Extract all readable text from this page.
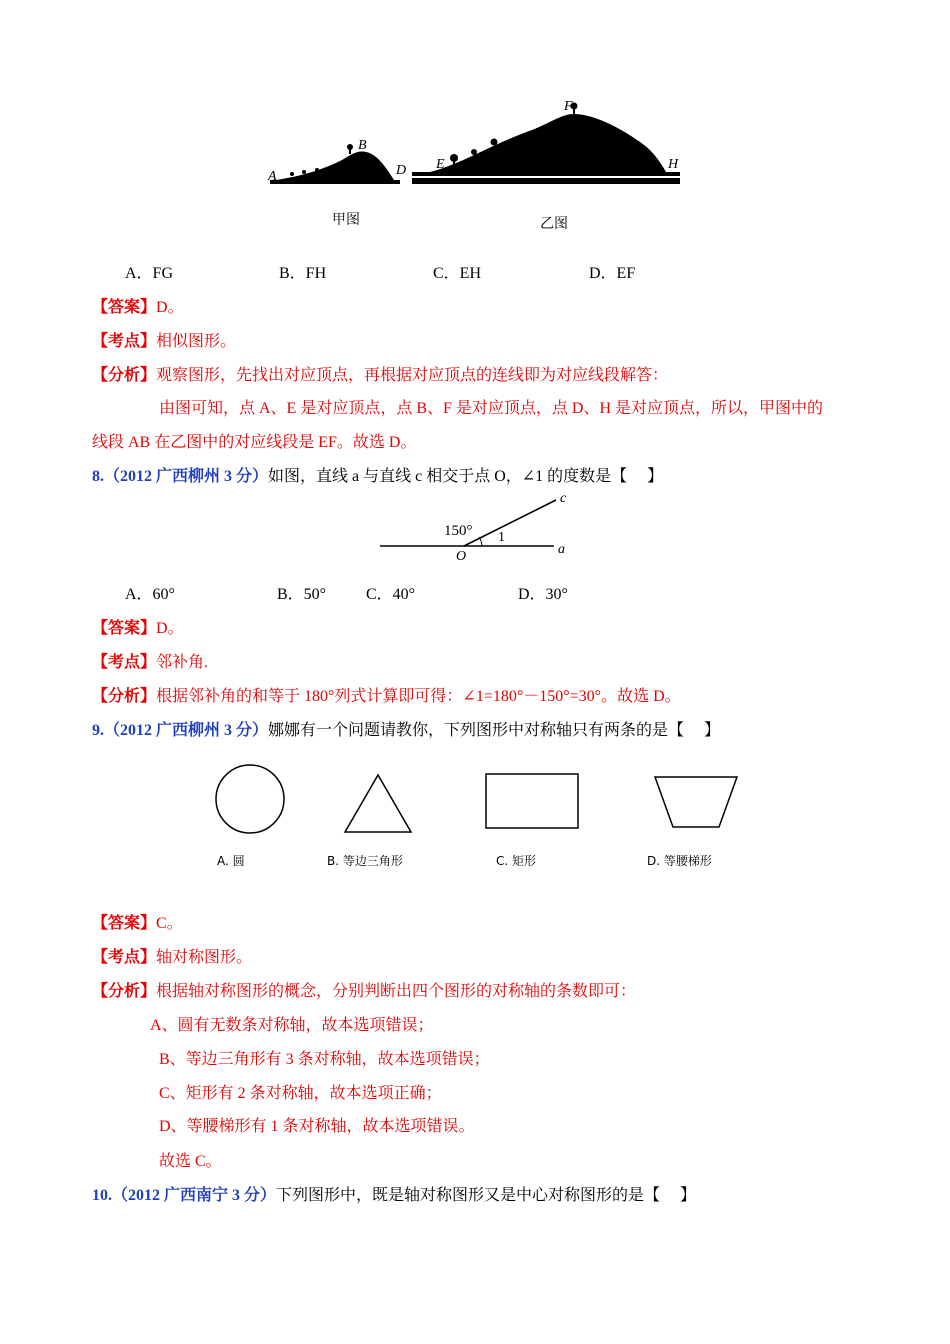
A
B
D E
F
H
甲图	乙图
A．FG	B．FH	C．EH	D．EF
【答案】D。
【考点】相似图形。
【分析】观察图形，先找出对应顶点，再根据对应顶点的连线即为对应线段解答：
由图可知，点 A、E 是对应顶点，点 B、F 是对应顶点，点 D、H 是对应顶点，所以，甲图中的
线段 AB 在乙图中的对应线段是 EF。故选 D。
8.（2012 广西柳州 3 分）如图，直线 a 与直线 c 相交于点 O，∠1 的度数是【　 】
150° 1
O	a
c
A．60°	B．50° C．40°	D．30°
【答案】D。
【考点】邻补角.
【分析】根据邻补角的和等于 180°列式计算即可得：∠1=180°－150°=30°。故选 D。
9.（2012 广西柳州 3 分）娜娜有一个问题请教你，下列图形中对称轴只有两条的是【　 】
A. 圆	B. 等边三角形	C. 矩形	D. 等腰梯形
【答案】C。
【考点】轴对称图形。
【分析】根据轴对称图形的概念，分别判断出四个图形的对称轴的条数即可：
A、圆有无数条对称轴，故本选项错误；
B、等边三角形有 3 条对称轴，故本选项错误；
C、矩形有 2 条对称轴，故本选项正确；
D、等腰梯形有 1 条对称轴，故本选项错误。
故选 C。
10.（2012 广西南宁 3 分）下列图形中，既是轴对称图形又是中心对称图形的是【　 】
